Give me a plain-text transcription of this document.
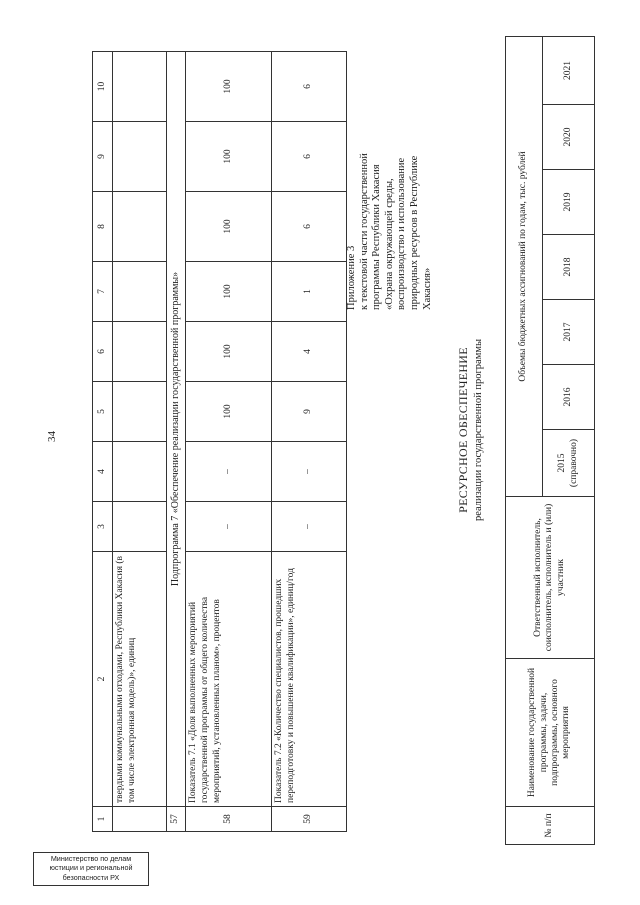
34
1	2	3	4	5	6	7	8	9	10
	твердыми коммунальными отходами, Республики Хакасия (в том числе электронная модель)», единиц								
57	Подпрограмма 7 «Обеспечение реализации государственной программы»								
58	Показатель 7.1 «Доля выполненных мероприятий государственной программы от общего количества мероприятий, установленных планом», процентов	–	–	100	100	100	100	100	100
59	Показатель 7.2 «Количество специалистов, прошедших переподготовку и повышение квалификации», единиц/год	–	–	9	4	1	6	6	6
Приложение 3 к текстовой части государственной программы Республики Хакасия «Охрана окружающей среды, воспроизводство и использование природных ресурсов в Республике Хакасия»
РЕСУРСНОЕ ОБЕСПЕЧЕНИЕ реализации государственной программы
№ п/п	Наименование государственной программы, задачи, подпрограммы, основного мероприятия	Ответственный исполнитель, соисполнитель, исполнитель и (или) участник	Объемы бюджетных ассигнований по годам, тыс. рублей						
			2015 (справочно)	2016	2017	2018	2019	2020	2021
Министерство по делам
юстиции и региональной
безопасности РХ
